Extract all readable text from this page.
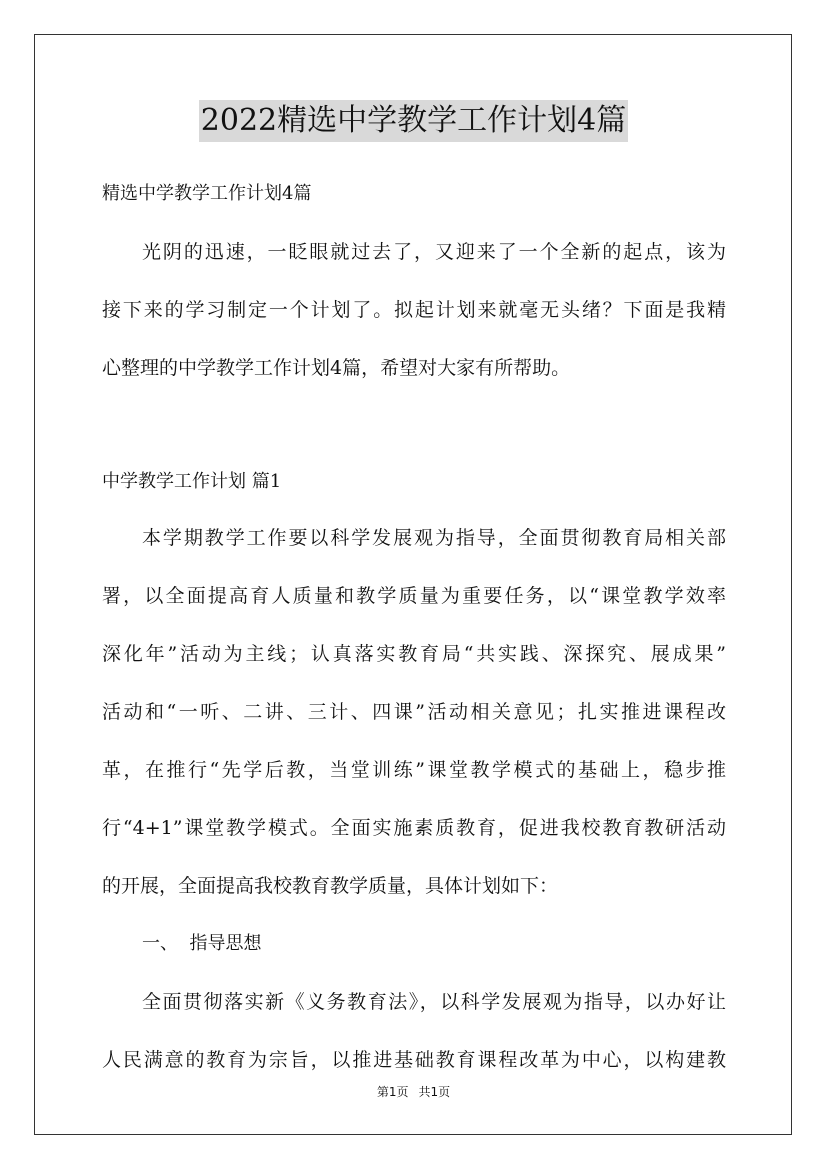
2022精选中学教学工作计划4篇
精选中学教学工作计划4篇
光阴的迅速，一眨眼就过去了，又迎来了一个全新的起点，该为
接下来的学习制定一个计划了。拟起计划来就毫无头绪？下面是我精
心整理的中学教学工作计划4篇，希望对大家有所帮助。
中学教学工作计划 篇1
本学期教学工作要以科学发展观为指导，全面贯彻教育局相关部
署，以全面提高育人质量和教学质量为重要任务，以“课堂教学效率
深化年”活动为主线；认真落实教育局“共实践、深探究、展成果”
活动和“一听、二讲、三计、四课”活动相关意见；扎实推进课程改
革，在推行“先学后教，当堂训练”课堂教学模式的基础上，稳步推
行“4+1”课堂教学模式。全面实施素质教育，促进我校教育教研活动
的开展，全面提高我校教育教学质量，具体计划如下：
一、  指导思想
全面贯彻落实新《义务教育法》，以科学发展观为指导，以办好让
人民满意的教育为宗旨，以推进基础教育课程改革为中心，以构建教
第1页 共1页
